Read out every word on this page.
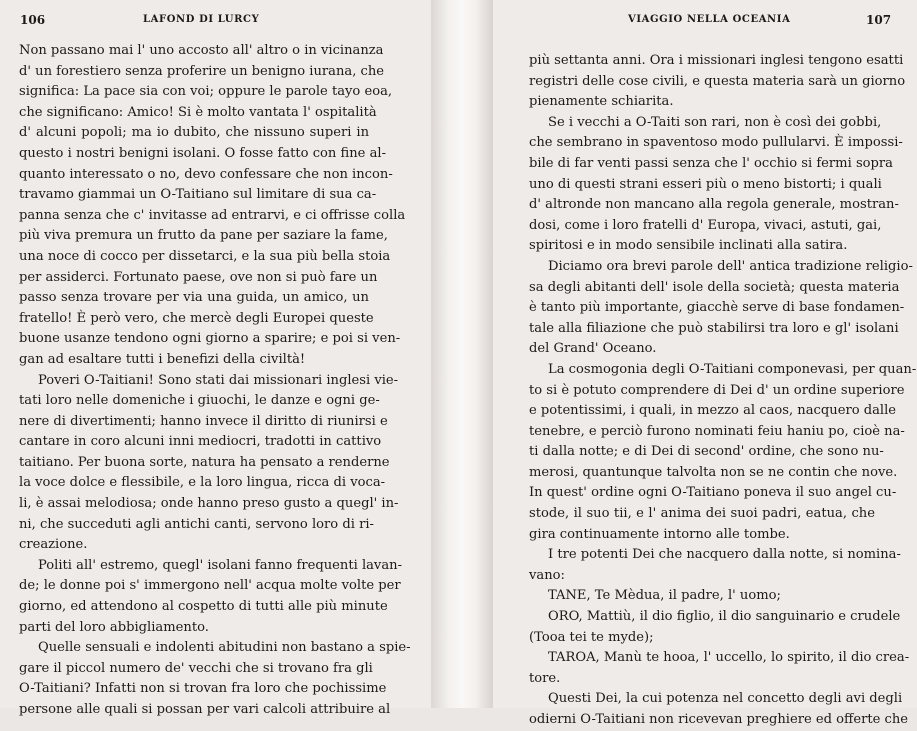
106	LAFOND DI LURCY
Non passano mai l' uno accosto all' altro o in vicinanza
d' un forestiero senza proferire un benigno iurana, che
significa: La pace sia con voi; oppure le parole tayo eoa,
che significano: Amico! Si è molto vantata l' ospitalità
d' alcuni popoli; ma io dubito, che nissuno superi in
questo i nostri benigni isolani. O fosse fatto con fine al-
quanto interessato o no, devo confessare che non incon-
travamo giammai un O-Taitiano sul limitare di sua ca-
panna senza che c' invitasse ad entrarvi, e ci offrisse colla
più viva premura un frutto da pane per saziare la fame,
una noce di cocco per dissetarci, e la sua più bella stoia
per assiderci. Fortunato paese, ove non si può fare un
passo senza trovare per via una guida, un amico, un
fratello! È però vero, che mercè degli Europei queste
buone usanze tendono ogni giorno a sparire; e poi si ven-
gan ad esaltare tutti i benefizi della civiltà!
Poveri O-Taitiani! Sono stati dai missionari inglesi vie-
tati loro nelle domeniche i giuochi, le danze e ogni ge-
nere di divertimenti; hanno invece il diritto di riunirsi e
cantare in coro alcuni inni mediocri, tradotti in cattivo
taitiano. Per buona sorte, natura ha pensato a renderne
la voce dolce e flessibile, e la loro lingua, ricca di voca-
li, è assai melodiosa; onde hanno preso gusto a quegl' in-
ni, che succeduti agli antichi canti, servono loro di ri-
creazione.
Politi all' estremo, quegl' isolani fanno frequenti lavan-
de; le donne poi s' immergono nell' acqua molte volte per
giorno, ed attendono al cospetto di tutti alle più minute
parti del loro abbigliamento.
Quelle sensuali e indolenti abitudini non bastano a spie-
gare il piccol numero de' vecchi che si trovano fra gli
O-Taitiani? Infatti non si trovan fra loro che pochissime
persone alle quali si possan per vari calcoli attribuire al
VIAGGIO NELLA OCEANIA	107
più settanta anni. Ora i missionari inglesi tengono esatti
registri delle cose civili, e questa materia sarà un giorno
pienamente schiarita.
Se i vecchi a O-Taiti son rari, non è così dei gobbi,
che sembrano in spaventoso modo pullularvi. È impossi-
bile di far venti passi senza che l' occhio si fermi sopra
uno di questi strani esseri più o meno bistorti; i quali
d' altronde non mancano alla regola generale, mostran-
dosi, come i loro fratelli d' Europa, vivaci, astuti, gai,
spiritosi e in modo sensibile inclinati alla satira.
Diciamo ora brevi parole dell' antica tradizione religio-
sa degli abitanti dell' isole della società; questa materia
è tanto più importante, giacchè serve di base fondamen-
tale alla filiazione che può stabilirsi tra loro e gl' isolani
del Grand' Oceano.
La cosmogonia degli O-Taitiani componevasi, per quan-
to si è potuto comprendere di Dei d' un ordine superiore
e potentissimi, i quali, in mezzo al caos, nacquero dalle
tenebre, e perciò furono nominati feiu haniu po, cioè na-
ti dalla notte; e di Dei di second' ordine, che sono nu-
merosi, quantunque talvolta non se ne contin che nove.
In quest' ordine ogni O-Taitiano poneva il suo angel cu-
stode, il suo tii, e l' anima dei suoi padri, eatua, che
gira continuamente intorno alle tombe.
I tre potenti Dei che nacquero dalla notte, si nomina-
vano:
TANE, Te Mèdua, il padre, l' uomo;
ORO, Mattiù, il dio figlio, il dio sanguinario e crudele
(Tooa tei te myde);
TAROA, Manù te hooa, l' uccello, lo spirito, il dio crea-
tore.
Questi Dei, la cui potenza nel concetto degli avi degli
odierni O-Taitiani non ricevevan preghiere ed offerte che
